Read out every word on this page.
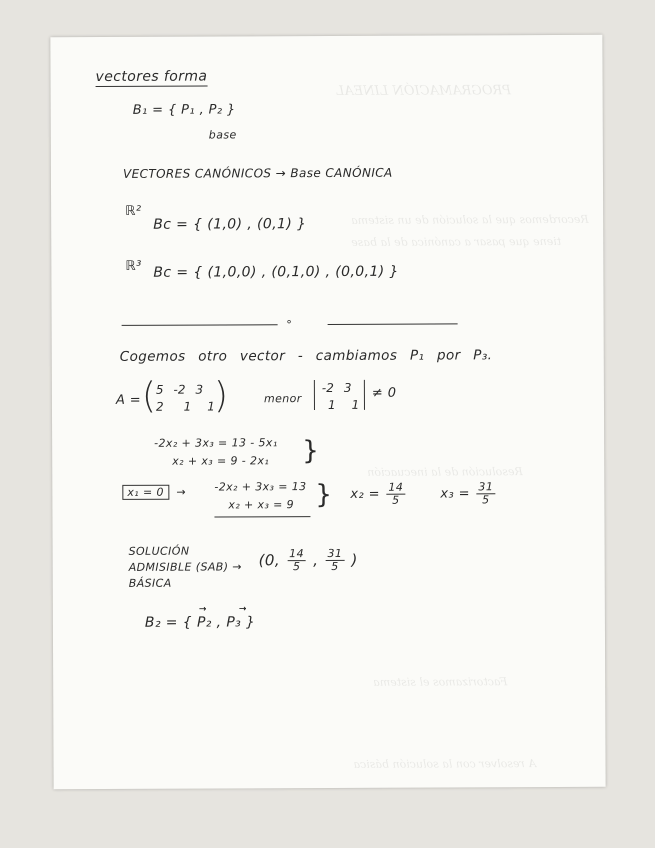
PROGRAMACIÓN LINEAL
Recordemos que la solución de un sistema
tiene que pasar a canónica de la base
Resolución de la inecuación
Factorizamos el sistema
A resolver con la solución básica
vectores forma
B₁ = { P₁ , P₂ }
base
VECTORES CANÓNICOS → Base CANÓNICA
ℝ²
Bc = { (1,0) , (0,1) }
ℝ³ Bc = { (1,0,0) , (0,1,0) , (0,0,1) }
∘
Cogemos otro vector - cambiamos P₁ por P₃.
A = ( 5 -2 3
2 1 1
)	menor
-2 3
1 1
≠ 0
-2x₂ + 3x₃ = 13 - 5x₁
x₂ + x₃ = 9 - 2x₁ }
x₁ = 0	→	-2x₂ + 3x₃ = 13
x₂ + x₃ = 9 } $x_2 = \frac{14}{5}$	$x_3 = \frac{31}{5}$
SOLUCIÓN
ADMISIBLE (SAB) →
BÁSICA
(0, $\frac{14}{5}$ , $\frac{31}{5}$ )
B₂ = { P₂ , P₃ }
→	→
